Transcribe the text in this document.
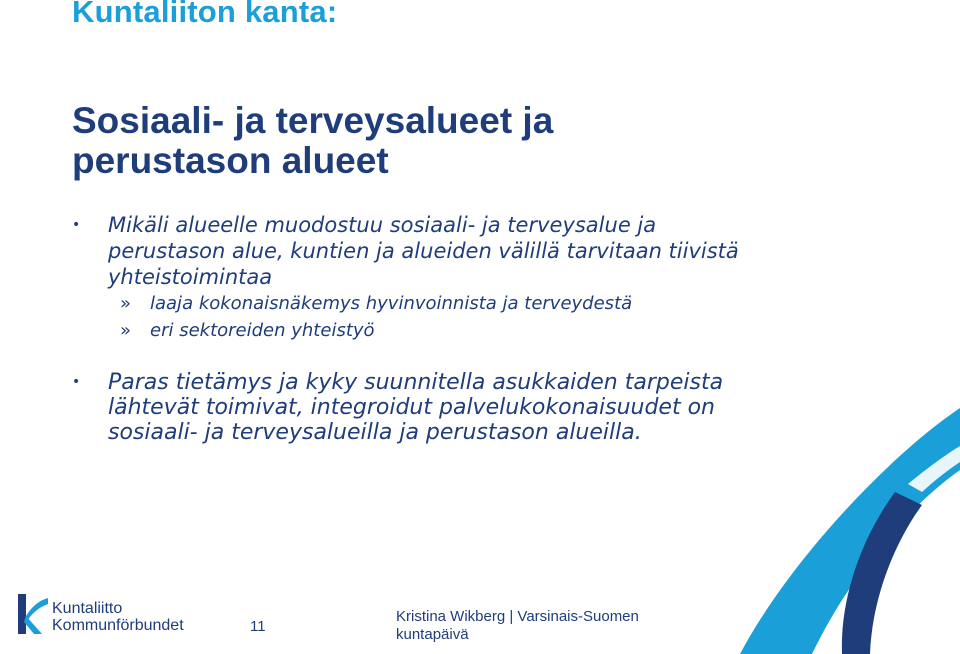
Kuntaliiton kanta:
Sosiaali- ja terveysalueet ja
perustason alueet
• Mikäli alueelle muodostuu sosiaali- ja terveysalue ja
perustason alue, kuntien ja alueiden välillä tarvitaan tiivistä
yhteistoimintaa
» laaja kokonaisnäkemys hyvinvoinnista ja terveydestä
» eri sektoreiden yhteistyö
• Paras tietämys ja kyky suunnitella asukkaiden tarpeista
lähtevät toimivat, integroidut palvelukokonaisuudet on
sosiaali- ja terveysalueilla ja perustason alueilla.
Kuntaliitto
Kommunförbundet	11
Kristina Wikberg | Varsinais-Suomen kuntapäivä
